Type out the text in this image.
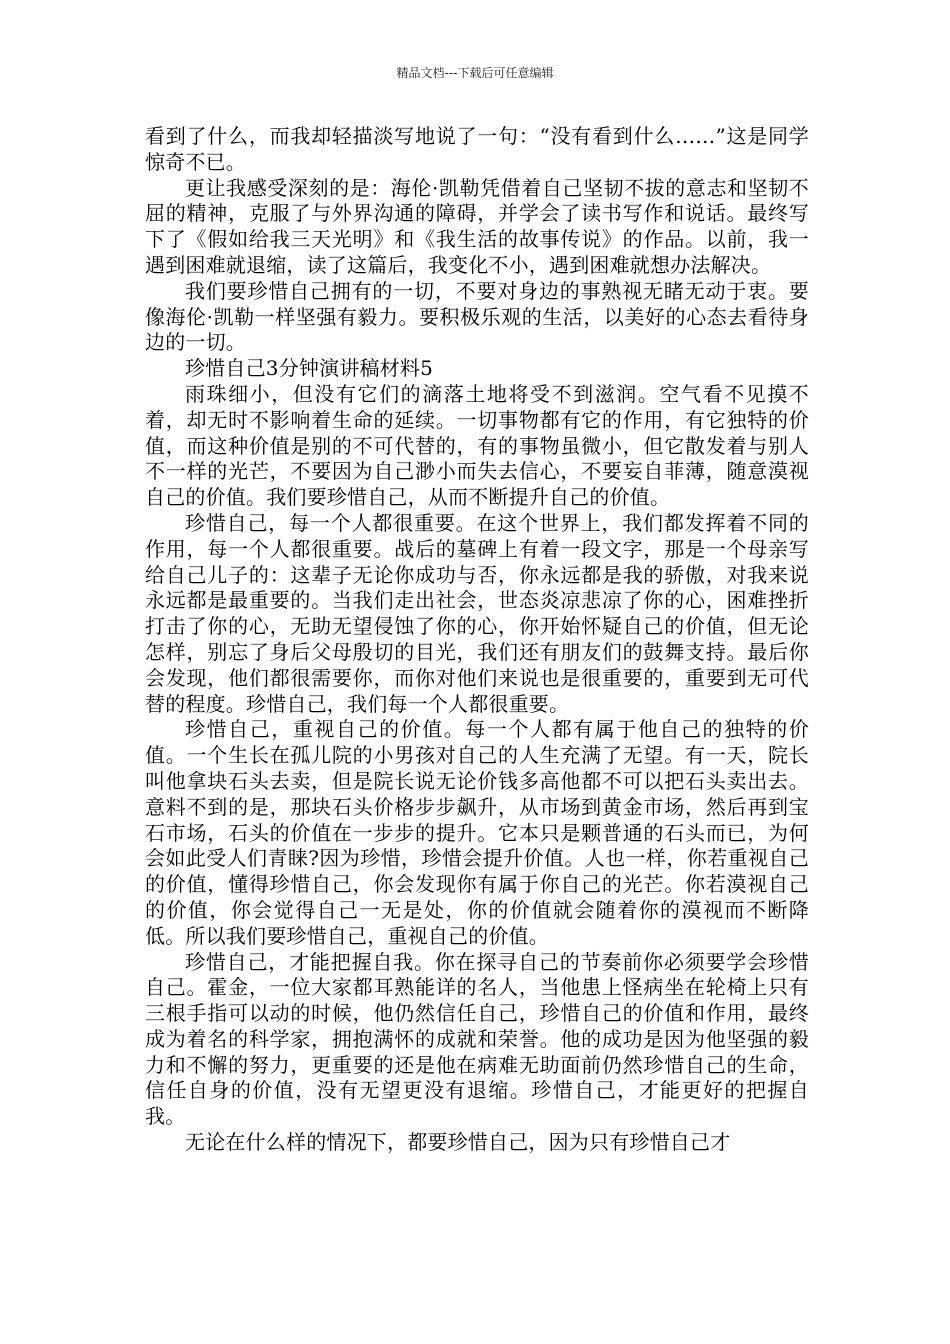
精品文档---下载后可任意编辑

看到了什么，而我却轻描淡写地说了一句：“没有看到什么……”这是同学惊奇不已。

更让我感受深刻的是：海伦·凯勒凭借着自己坚韧不拔的意志和坚韧不屈的精神，克服了与外界沟通的障碍，并学会了读书写作和说话。最终写下了《假如给我三天光明》和《我生活的故事传说》的作品。以前，我一遇到困难就退缩，读了这篇后，我变化不小，遇到困难就想办法解决。

我们要珍惜自己拥有的一切，不要对身边的事熟视无睹无动于衷。要像海伦·凯勒一样坚强有毅力。要积极乐观的生活，以美好的心态去看待身边的一切。

珍惜自己3分钟演讲稿材料5

雨珠细小，但没有它们的滴落土地将受不到滋润。空气看不见摸不着，却无时不影响着生命的延续。一切事物都有它的作用，有它独特的价值，而这种价值是别的不可代替的，有的事物虽微小，但它散发着与别人不一样的光芒，不要因为自己渺小而失去信心，不要妄自菲薄，随意漠视自己的价值。我们要珍惜自己，从而不断提升自己的价值。

珍惜自己，每一个人都很重要。在这个世界上，我们都发挥着不同的作用，每一个人都很重要。战后的墓碑上有着一段文字，那是一个母亲写给自己儿子的：这辈子无论你成功与否，你永远都是我的骄傲，对我来说永远都是最重要的。当我们走出社会，世态炎凉悲凉了你的心，困难挫折打击了你的心，无助无望侵蚀了你的心，你开始怀疑自己的价值，但无论怎样，别忘了身后父母殷切的目光，我们还有朋友们的鼓舞支持。最后你会发现，他们都很需要你，而你对他们来说也是很重要的，重要到无可代替的程度。珍惜自己，我们每一个人都很重要。

珍惜自己，重视自己的价值。每一个人都有属于他自己的独特的价值。一个生长在孤儿院的小男孩对自己的人生充满了无望。有一天，院长叫他拿块石头去卖，但是院长说无论价钱多高他都不可以把石头卖出去。意料不到的是，那块石头价格步步飙升，从市场到黄金市场，然后再到宝石市场，石头的价值在一步步的提升。它本只是颗普通的石头而已，为何会如此受人们青睐?因为珍惜，珍惜会提升价值。人也一样，你若重视自己的价值，懂得珍惜自己，你会发现你有属于你自己的光芒。你若漠视自己的价值，你会觉得自己一无是处，你的价值就会随着你的漠视而不断降低。所以我们要珍惜自己，重视自己的价值。

珍惜自己，才能把握自我。你在探寻自己的节奏前你必须要学会珍惜自己。霍金，一位大家都耳熟能详的名人，当他患上怪病坐在轮椅上只有三根手指可以动的时候，他仍然信任自己，珍惜自己的价值和作用，最终成为着名的科学家，拥抱满怀的成就和荣誉。他的成功是因为他坚强的毅力和不懈的努力，更重要的还是他在病难无助面前仍然珍惜自己的生命，信任自身的价值，没有无望更没有退缩。珍惜自己，才能更好的把握自我。

无论在什么样的情况下，都要珍惜自己，因为只有珍惜自己才
